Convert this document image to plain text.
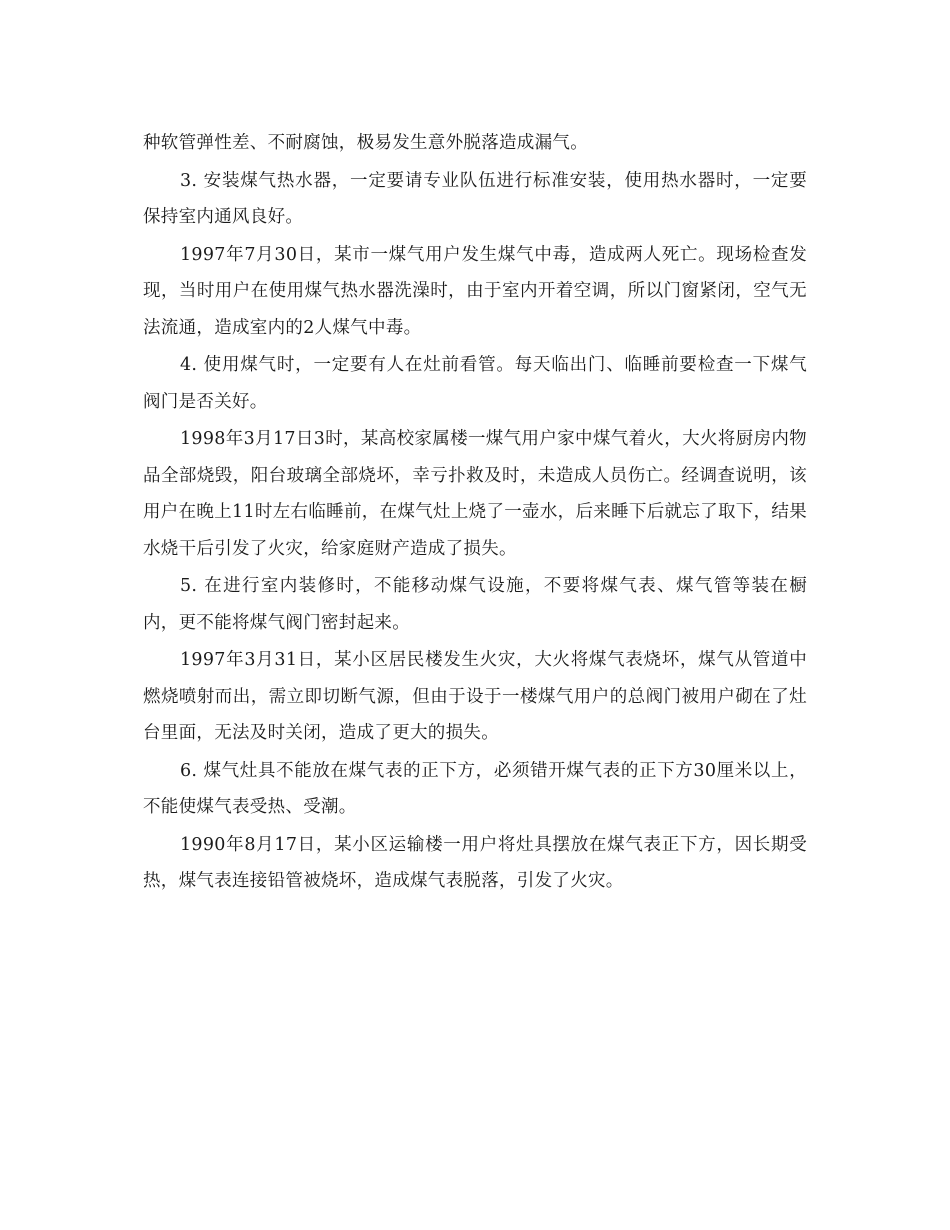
种软管弹性差、不耐腐蚀，极易发生意外脱落造成漏气。

3. 安装煤气热水器，一定要请专业队伍进行标准安装，使用热水器时，一定要保持室内通风良好。

1997年7月30日，某市一煤气用户发生煤气中毒，造成两人死亡。现场检查发现，当时用户在使用煤气热水器洗澡时，由于室内开着空调，所以门窗紧闭，空气无法流通，造成室内的2人煤气中毒。

4. 使用煤气时，一定要有人在灶前看管。每天临出门、临睡前要检查一下煤气阀门是否关好。

1998年3月17日3时，某高校家属楼一煤气用户家中煤气着火，大火将厨房内物品全部烧毁，阳台玻璃全部烧坏，幸亏扑救及时，未造成人员伤亡。经调查说明，该用户在晚上11时左右临睡前，在煤气灶上烧了一壶水，后来睡下后就忘了取下，结果水烧干后引发了火灾，给家庭财产造成了损失。

5. 在进行室内装修时，不能移动煤气设施，不要将煤气表、煤气管等装在橱内，更不能将煤气阀门密封起来。

1997年3月31日，某小区居民楼发生火灾，大火将煤气表烧坏，煤气从管道中燃烧喷射而出，需立即切断气源，但由于设于一楼煤气用户的总阀门被用户砌在了灶台里面，无法及时关闭，造成了更大的损失。

6. 煤气灶具不能放在煤气表的正下方，必须错开煤气表的正下方30厘米以上，不能使煤气表受热、受潮。

1990年8月17日，某小区运输楼一用户将灶具摆放在煤气表正下方，因长期受热，煤气表连接铅管被烧坏，造成煤气表脱落，引发了火灾。
